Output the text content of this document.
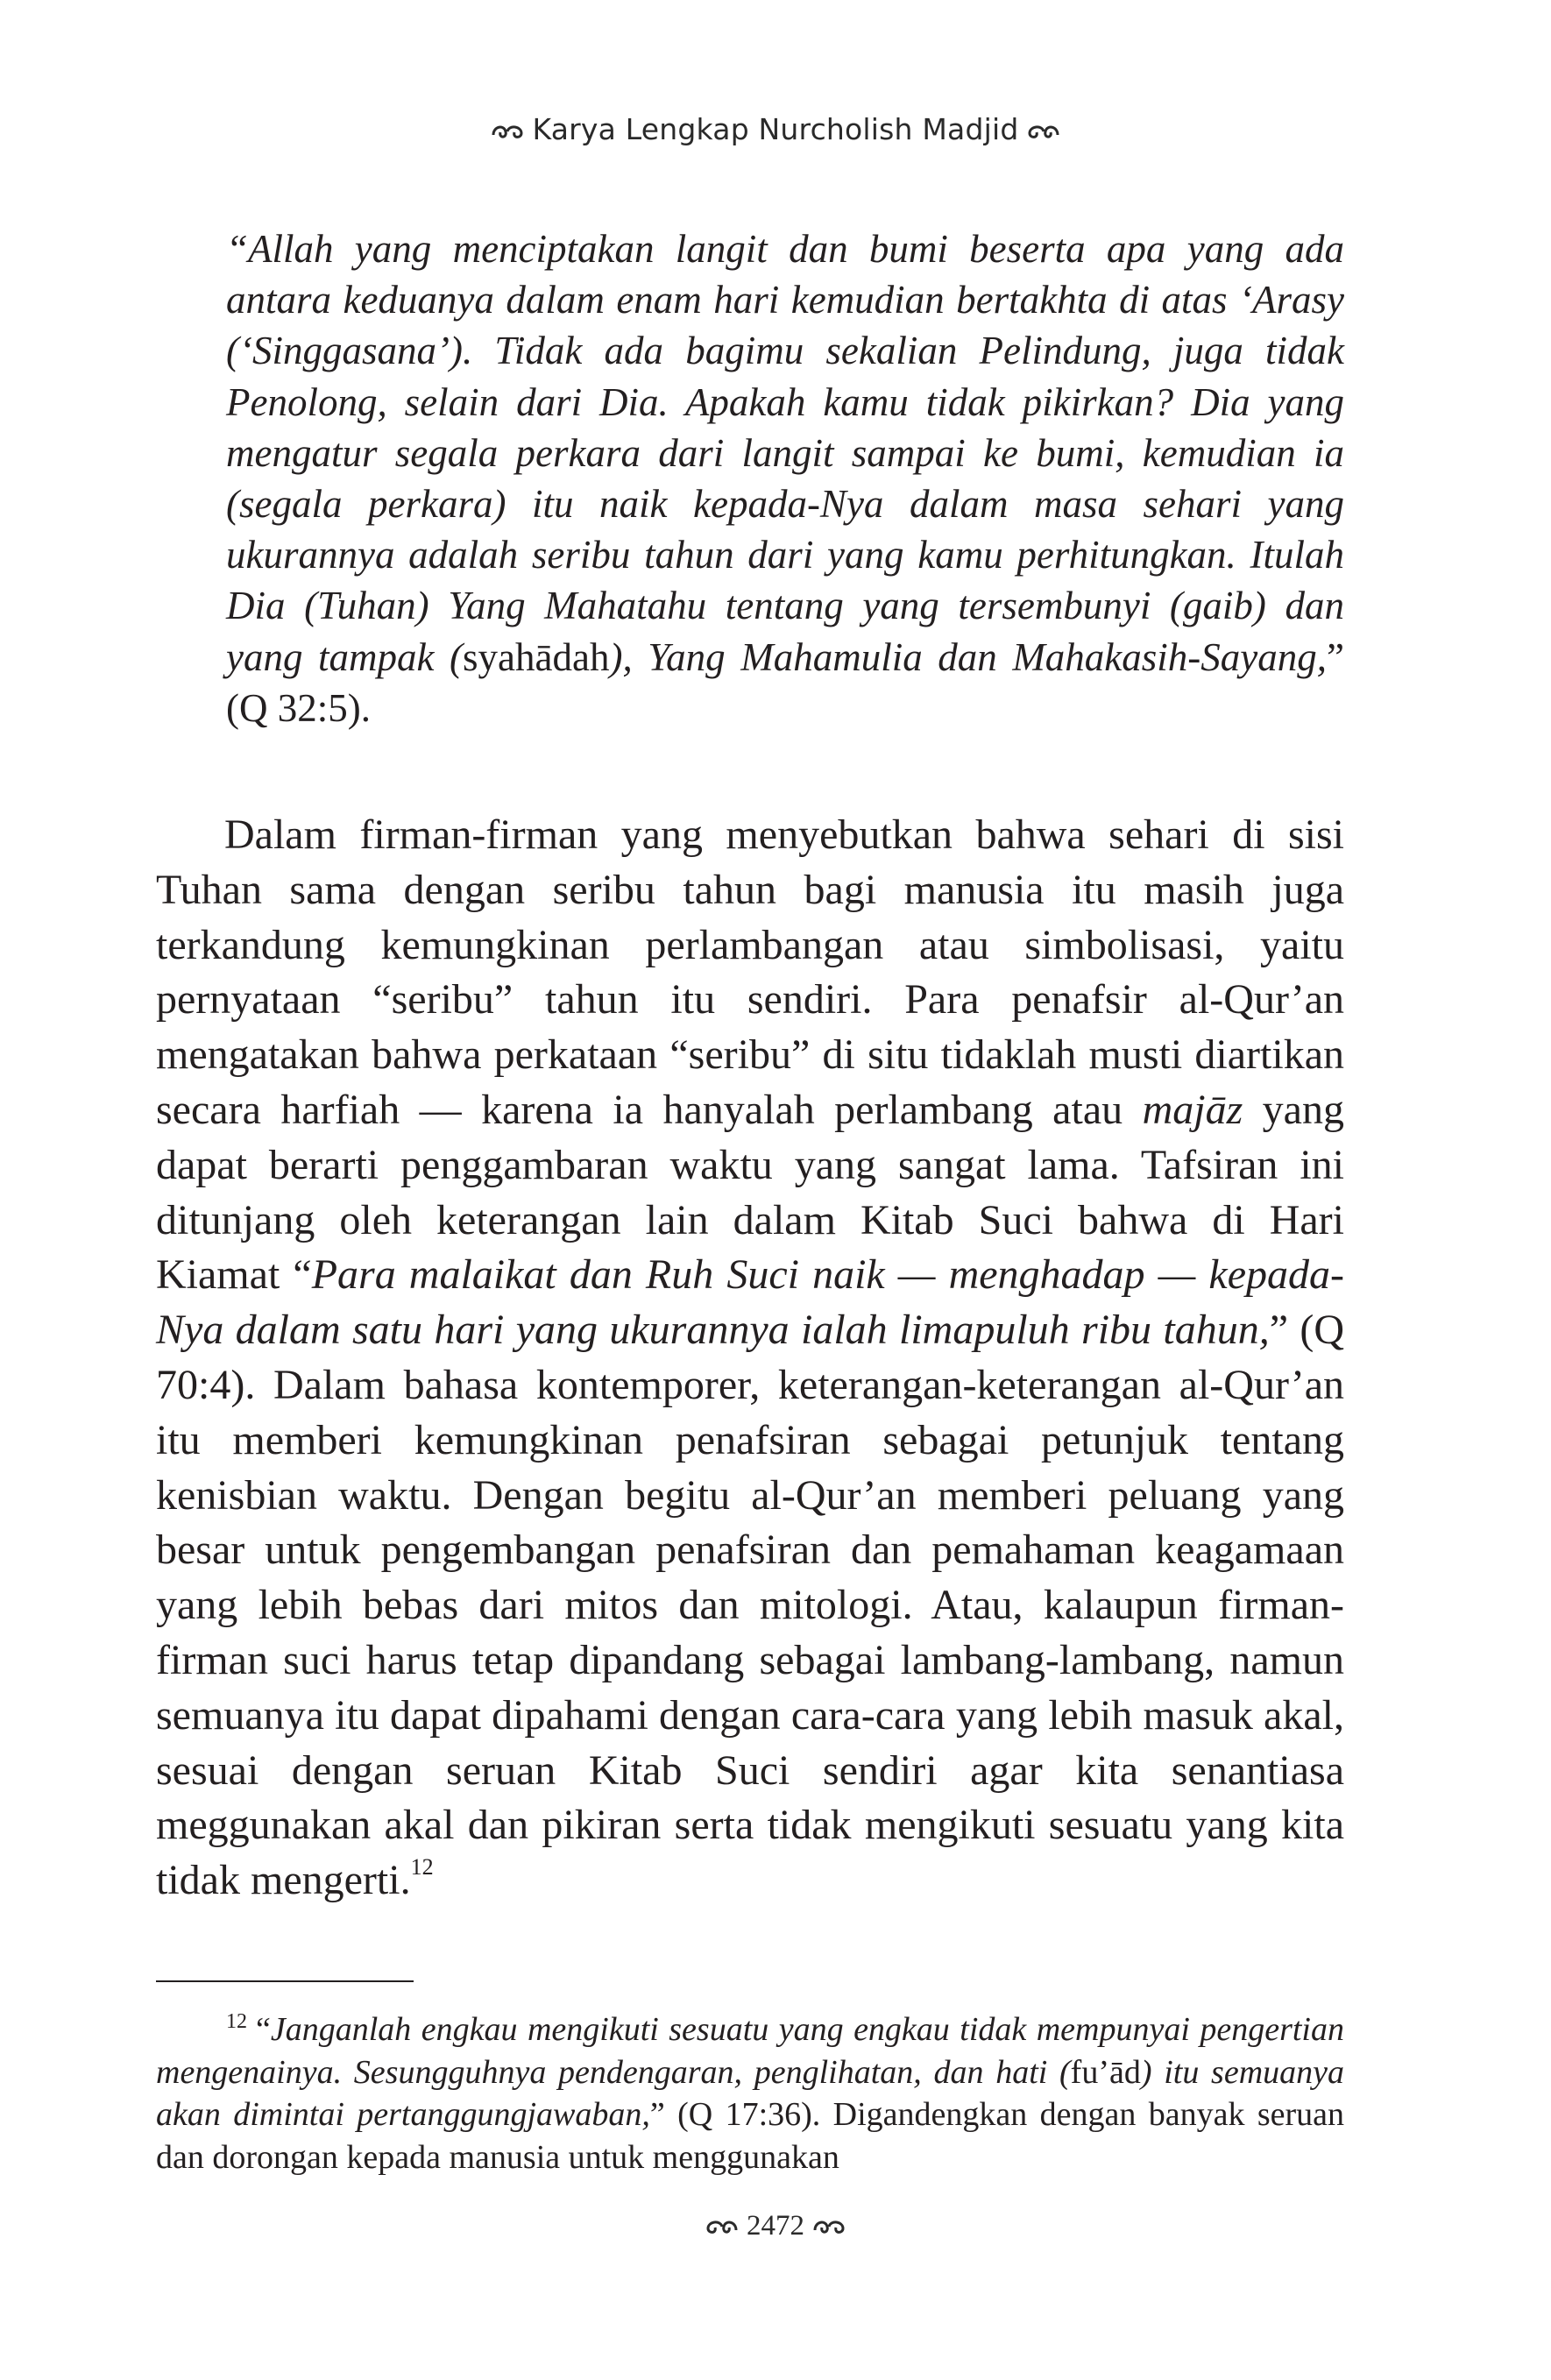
Karya Lengkap Nurcholish Madjid
“Allah yang menciptakan langit dan bumi beserta apa yang ada antara keduanya dalam enam hari kemudian bertakhta di atas ‘Arasy (‘Singgasana’). Tidak ada bagimu sekalian Pelindung, juga tidak Penolong, selain dari Dia. Apakah kamu tidak pikirkan? Dia yang mengatur segala perkara dari langit sampai ke bumi, kemudian ia (segala perkara) itu naik kepada-Nya dalam masa sehari yang ukurannya adalah seribu tahun dari yang kamu perhitungkan. Itulah Dia (Tuhan) Yang Mahatahu tentang yang tersembunyi (gaib) dan yang tampak (syahādah), Yang Mahamulia dan Mahakasih-Sayang,” (Q 32:5).

Dalam firman-firman yang menyebutkan bahwa sehari di sisi Tuhan sama dengan seribu tahun bagi manusia itu masih juga terkandung kemungkinan perlambangan atau simbolisasi, yaitu pernyataan “seribu” tahun itu sendiri. Para penafsir al-Qur’an mengatakan bahwa perkataan “seribu” di situ tidaklah musti diartikan secara harfiah — karena ia hanyalah perlambang atau majāz yang dapat berarti penggambaran waktu yang sangat lama. Tafsiran ini ditunjang oleh keterangan lain dalam Kitab Suci bahwa di Hari Kiamat “Para malaikat dan Ruh Suci naik — menghadap — kepada-Nya dalam satu hari yang ukurannya ialah limapuluh ribu tahun,” (Q 70:4). Dalam bahasa kontemporer, keterangan-keterangan al-Qur’an itu memberi kemungkinan penafsiran sebagai petunjuk tentang kenisbian waktu. Dengan begitu al-Qur’an memberi peluang yang besar untuk pengembangan penafsiran dan pemahaman keagamaan yang lebih bebas dari mitos dan mitologi. Atau, kalaupun firman-firman suci harus tetap dipandang sebagai lambang-lambang, namun semuanya itu dapat dipahami dengan cara-cara yang lebih masuk akal, sesuai dengan seruan Kitab Suci sendiri agar kita senantiasa meggunakan akal dan pikiran serta tidak mengikuti sesuatu yang kita tidak mengerti.$^{12}$

$^{12}$ “Janganlah engkau mengikuti sesuatu yang engkau tidak mempunyai pengertian mengenainya. Sesungguhnya pendengaran, penglihatan, dan hati (fu’ād) itu semuanya akan dimintai pertanggungjawaban,” (Q 17:36). Digandengkan dengan banyak seruan dan dorongan kepada manusia untuk menggunakan

2472
